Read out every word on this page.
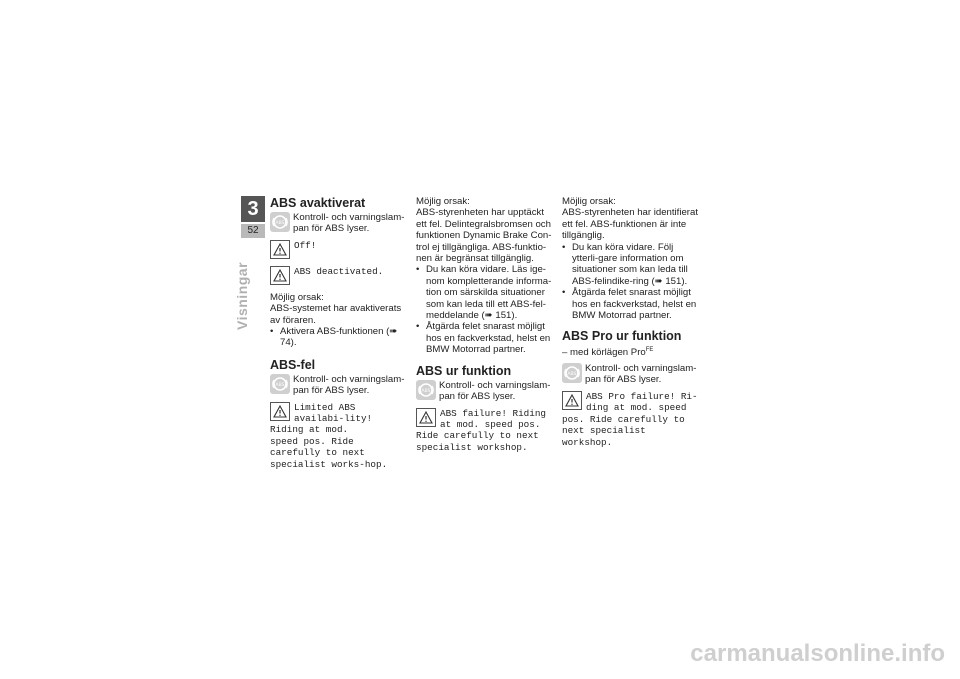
3
52
Visningar
ABS avaktiverat
ABS
Kontroll- och varningslam-pan för ABS lyser.
Off!
ABS deactivated.

Möjlig orsak:

ABS-systemet har avaktiverats av föraren.

• Aktivera ABS-funktionen (➠ 74).
ABS-fel
ABS
Kontroll- och varningslam-pan för ABS lyser.
Limited ABS availabi-lity! Riding at mod.
speed pos. Ride carefully to next specialist works-hop.

Möjlig orsak:

ABS-styrenheten har upptäckt ett fel. Delintegralsbromsen och funktionen Dynamic Brake Con-trol ej tillgängliga. ABS-funktio-nen är begränsat tillgänglig.

• Du kan köra vidare. Läs ige-nom kompletterande informa-tion om särskilda situationer som kan leda till ett ABS-fel-meddelande (➠ 151).
• Åtgärda felet snarast möjligt hos en fackverkstad, helst en BMW Motorrad partner.
ABS ur funktion
ABS
Kontroll- och varningslam-pan för ABS lyser.
ABS failure! Riding at mod. speed pos.
Ride carefully to next specialist workshop.

Möjlig orsak:

ABS-styrenheten har identifierat ett fel. ABS-funktionen är inte tillgänglig.

• Du kan köra vidare. Följ ytterli-gare information om situationer som kan leda till ABS-felindike-ring (➠ 151).
• Åtgärda felet snarast möjligt hos en fackverkstad, helst en BMW Motorrad partner.
ABS Pro ur funktion
– med körlägen Pro$^{FE}$
ABS
Kontroll- och varningslam-pan för ABS lyser.
ABS Pro failure! Ri-ding at mod. speed
pos. Ride carefully to next specialist workshop.
carmanualsonline.info
